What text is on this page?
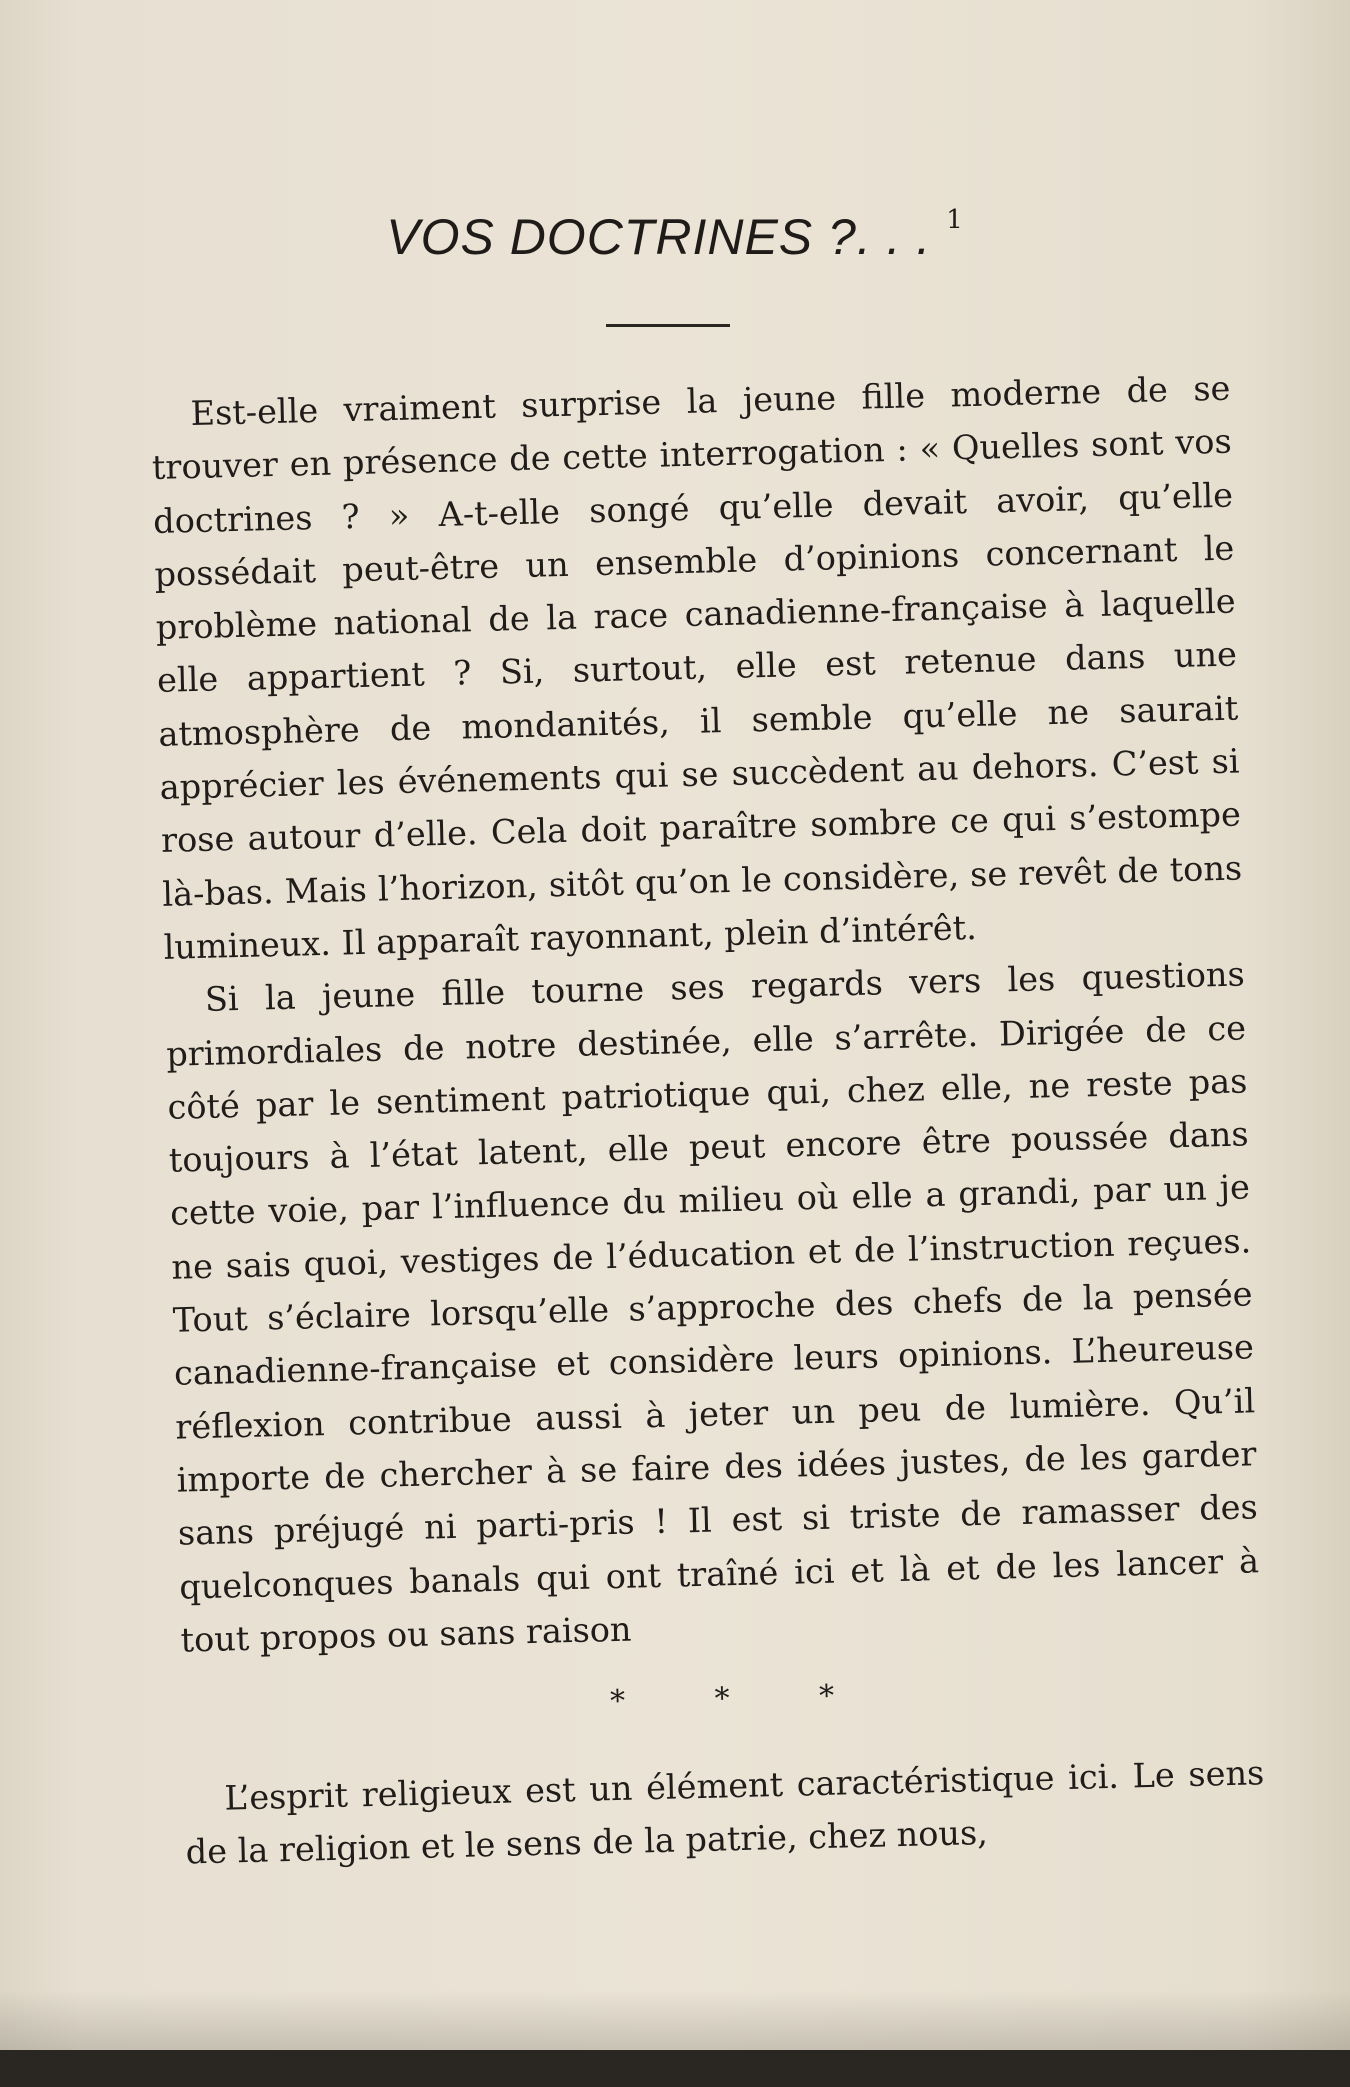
VOS DOCTRINES ?. . . $^1$

Est-elle vraiment surprise la jeune fille moderne de se trouver en présence de cette interrogation : « Quelles sont vos doctrines ? » A-t-elle songé qu’elle devait avoir, qu’elle possédait peut-être un ensemble d’opinions concernant le problème national de la race canadienne-française à laquelle elle appartient ? Si, surtout, elle est retenue dans une atmosphère de mondanités, il semble qu’elle ne saurait apprécier les événements qui se succèdent au dehors. C’est si rose autour d’elle. Cela doit paraître sombre ce qui s’estompe là-bas. Mais l’horizon, sitôt qu’on le considère, se revêt de tons lumineux. Il apparaît rayonnant, plein d’intérêt.

Si la jeune fille tourne ses regards vers les questions primordiales de notre destinée, elle s’arrête. Dirigée de ce côté par le sentiment patriotique qui, chez elle, ne reste pas toujours à l’état latent, elle peut encore être poussée dans cette voie, par l’influence du milieu où elle a grandi, par un je ne sais quoi, vestiges de l’éducation et de l’instruction reçues. Tout s’éclaire lorsqu’elle s’approche des chefs de la pensée canadienne-française et considère leurs opinions. L’heureuse réflexion contribue aussi à jeter un peu de lumière. Qu’il importe de chercher à se faire des idées justes, de les garder sans préjugé ni parti-pris ! Il est si triste de ramasser des quelconques banals qui ont traîné ici et là et de les lancer à tout propos ou sans raison

* * *

L’esprit religieux est un élément caractéristique ici. Le sens de la religion et le sens de la patrie, chez nous,
